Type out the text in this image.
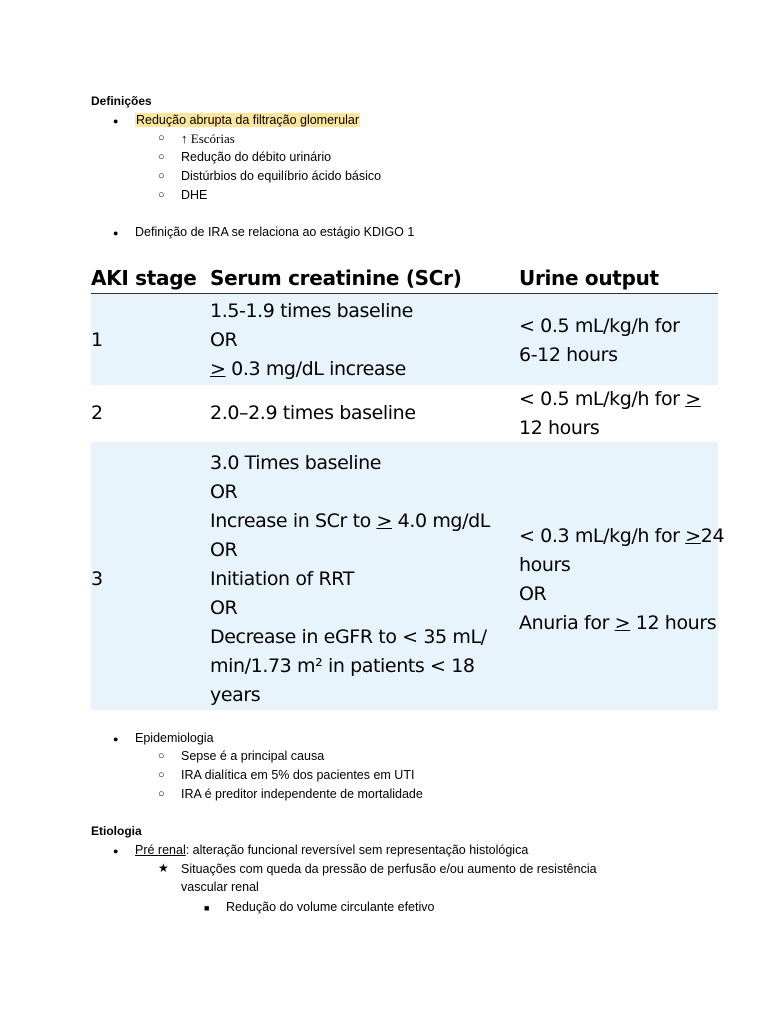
Definições
● Redução abrupta da filtração glomerular
○ ↑ Escórias
○ Redução do débito urinário
○ Distúrbios do equilíbrio ácido básico
○ DHE
● Definição de IRA se relaciona ao estágio KDIGO 1
AKI stage Serum creatinine (SCr)	Urine output
1
1.5-1.9 times baseline
OR
> 0.3 mg/dL increase
< 0.5 mL/kg/h for
6-12 hours
2	2.0–2.9 times baseline
< 0.5 mL/kg/h for >
12 hours
3
3.0 Times baseline
OR
Increase in SCr to > 4.0 mg/dL
OR
Initiation of RRT
OR
Decrease in eGFR to < 35 mL/
min/1.73 m² in patients < 18
years
< 0.3 mL/kg/h for >24
hours
OR
Anuria for > 12 hours
● Epidemiologia
○ Sepse é a principal causa
○ IRA dialítica em 5% dos pacientes em UTI
○ IRA é preditor independente de mortalidade
Etiologia
● Pré renal: alteração funcional reversível sem representação histológica
★ Situações com queda da pressão de perfusão e/ou aumento de resistência
vascular renal
■ Redução do volume circulante efetivo
